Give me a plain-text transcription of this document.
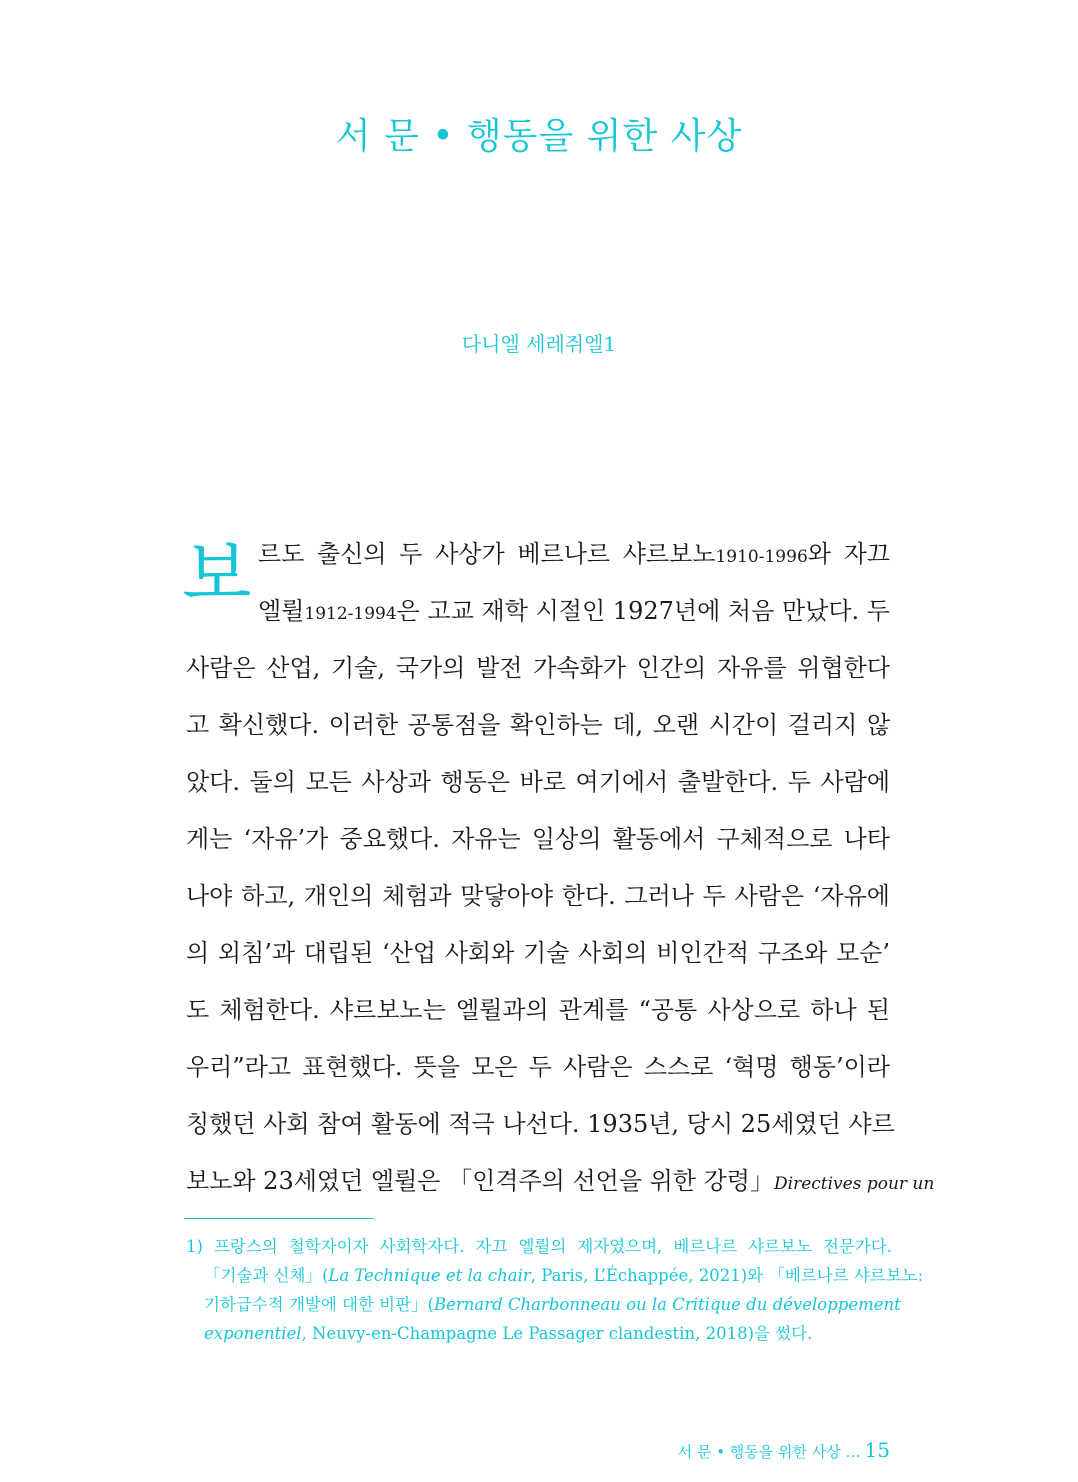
서 문 • 행동을 위한 사상
다니엘 세레쥐엘1
보 르도 출신의 두 사상가 베르나르 샤르보노1910-1996와 자끄
엘륄1912-1994은 고교 재학 시절인 1927년에 처음 만났다. 두
사람은 산업, 기술, 국가의 발전 가속화가 인간의 자유를 위협한다
고 확신했다. 이러한 공통점을 확인하는 데, 오랜 시간이 걸리지 않
았다. 둘의 모든 사상과 행동은 바로 여기에서 출발한다. 두 사람에
게는 ‘자유’가 중요했다. 자유는 일상의 활동에서 구체적으로 나타
나야 하고, 개인의 체험과 맞닿아야 한다. 그러나 두 사람은 ‘자유에
의 외침’과 대립된 ‘산업 사회와 기술 사회의 비인간적 구조와 모순’
도 체험한다. 샤르보노는 엘륄과의 관계를 “공통 사상으로 하나 된
우리”라고 표현했다. 뜻을 모은 두 사람은 스스로 ‘혁명 행동’이라
칭했던 사회 참여 활동에 적극 나선다. 1935년, 당시 25세였던 샤르
보노와 23세였던 엘륄은 「인격주의 선언을 위한 강령」Directives pour un
1) 프랑스의 철학자이자 사회학자다. 자끄 엘륄의 제자였으며, 베르나르 샤르보노 전문가다.
「기술과 신체」(La Technique et la chair, Paris, L’Échappée, 2021)와 「베르나르 샤르보노:
기하급수적 개발에 대한 비판」(Bernard Charbonneau ou la Critique du développement
exponentiel, Neuvy-en-Champagne Le Passager clandestin, 2018)을 썼다.
서 문 • 행동을 위한 사상 … 15
